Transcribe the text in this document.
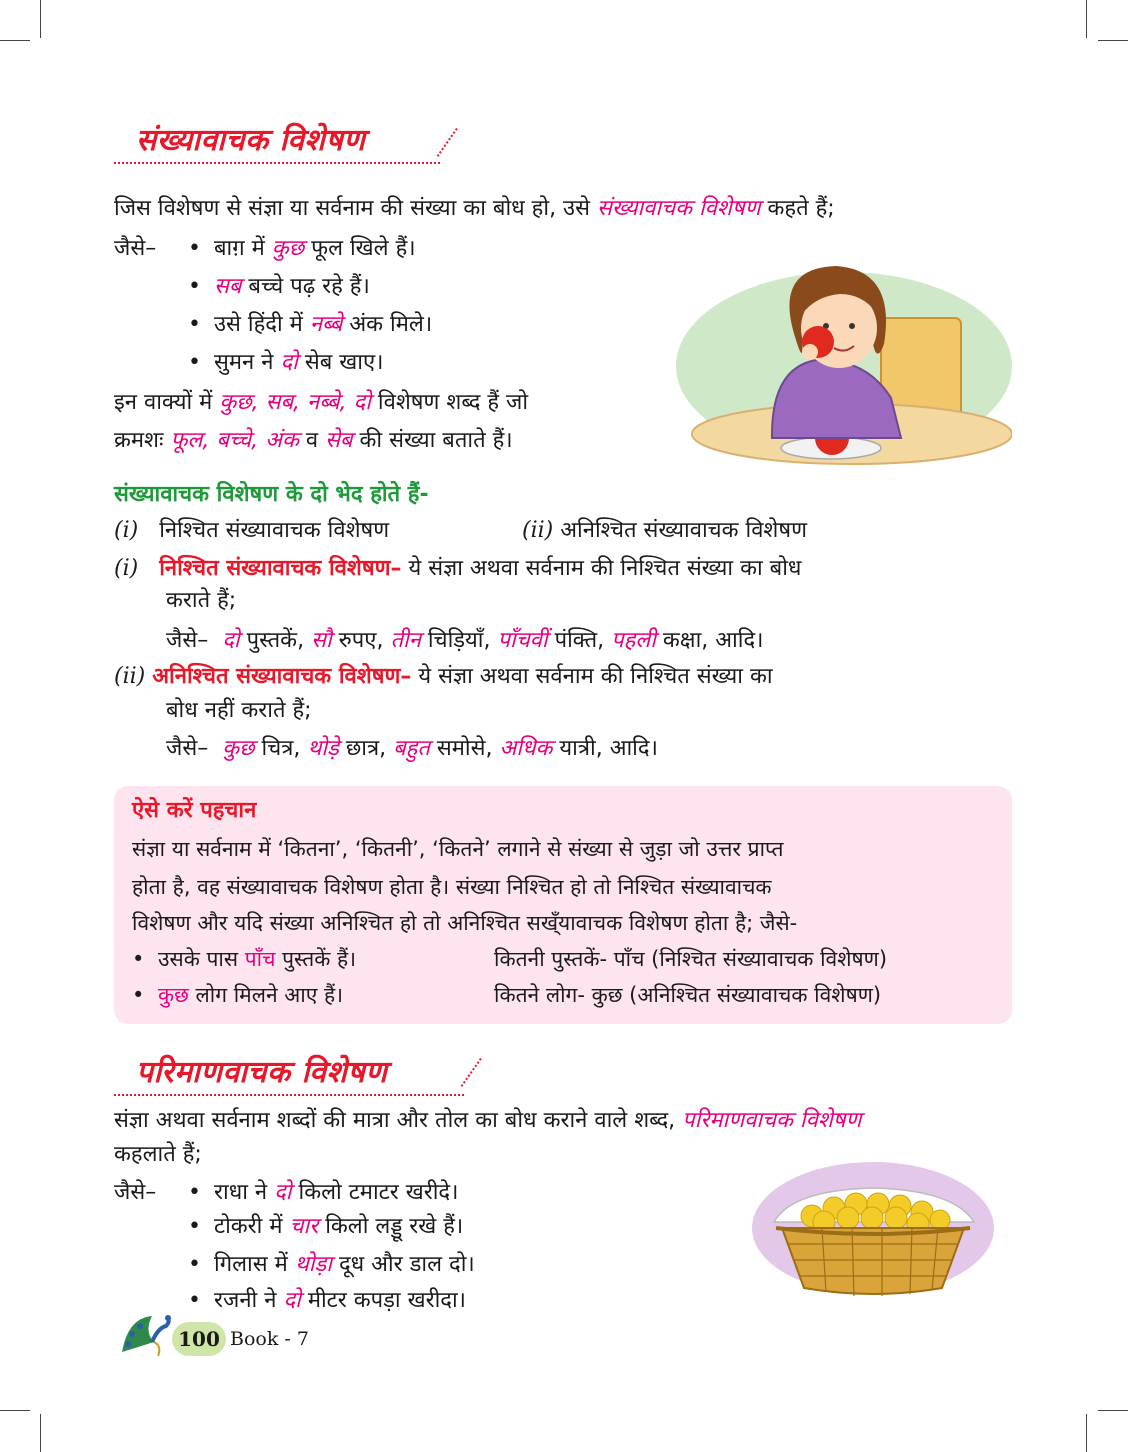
संख्यावाचक विशेषण
जिस विशेषण से संज्ञा या सर्वनाम की संख्या का बोध हो, उसे संख्यावाचक विशेषण कहते हैं;
जैसे– • बाग़ में कुछ फूल खिले हैं।
• सब बच्चे पढ़ रहे हैं।
• उसे हिंदी में नब्बे अंक मिले।
• सुमन ने दो सेब खाए।
इन वाक्यों में कुछ, सब, नब्बे, दो विशेषण शब्द हैं जो
क्रमशः फूल, बच्चे, अंक व सेब की संख्या बताते हैं।
संख्यावाचक विशेषण के दो भेद होते हैं-
(i) निश्चित संख्यावाचक विशेषण	(ii) अनिश्चित संख्यावाचक विशेषण
(i) निश्चित संख्यावाचक विशेषण– ये संज्ञा अथवा सर्वनाम की निश्चित संख्या का बोध
कराते हैं;
जैसे– दो पुस्तकें, सौ रुपए, तीन चिड़ियाँ, पाँचवीं पंक्ति, पहली कक्षा, आदि।
(ii) अनिश्चित संख्यावाचक विशेषण– ये संज्ञा अथवा सर्वनाम की निश्चित संख्या का
बोध नहीं कराते हैं;
जैसे– कुछ चित्र, थोड़े छात्र, बहुत समोसे, अधिक यात्री, आदि।
ऐसे करें पहचान
संज्ञा या सर्वनाम में ‘कितना’, ‘कितनी’, ‘कितने’ लगाने से संख्या से जुड़ा जो उत्तर प्राप्त
होता है, वह संख्यावाचक विशेषण होता है। संख्या निश्चित हो तो निश्चित संख्यावाचक
विशेषण और यदि संख्या अनिश्चित हो तो अनिश्चित सख्ँयावाचक विशेषण होता है; जैसे-
• उसके पास पाँच पुस्तकें हैं।	कितनी पुस्तकें- पाँच (निश्चित संख्यावाचक विशेषण)
• कुछ लोग मिलने आए हैं।	कितने लोग- कुछ (अनिश्चित संख्यावाचक विशेषण)
परिमाणवाचक विशेषण
संज्ञा अथवा सर्वनाम शब्दों की मात्रा और तोल का बोध कराने वाले शब्द, परिमाणवाचक विशेषण
कहलाते हैं;
जैसे– • राधा ने दो किलो टमाटर खरीदे।
• टोकरी में चार किलो लड्डू रखे हैं।
• गिलास में थोड़ा दूध और डाल दो।
• रजनी ने दो मीटर कपड़ा खरीदा।
100 Book - 7
